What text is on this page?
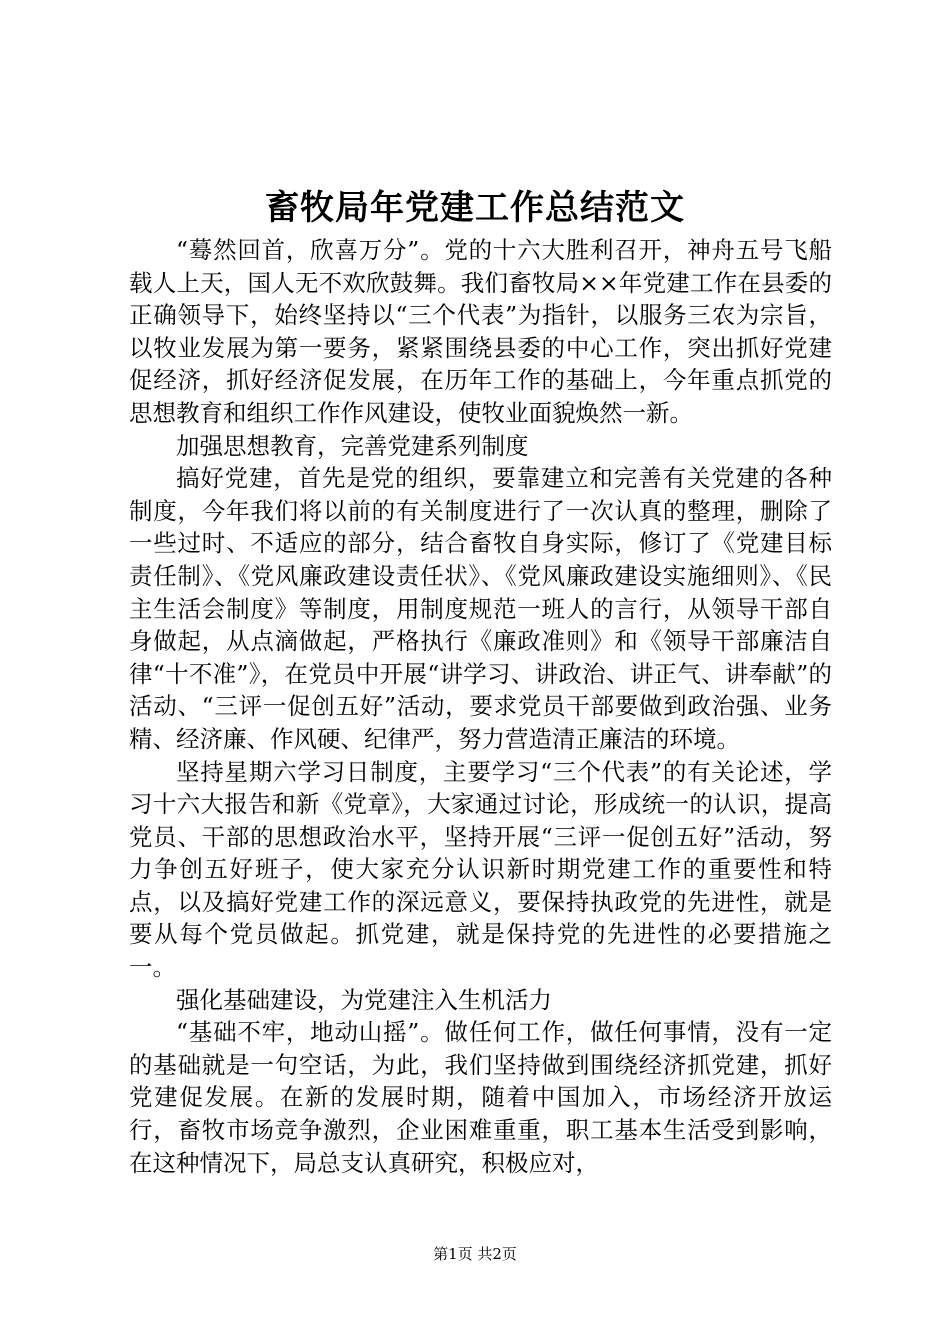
畜牧局年党建工作总结范文

“蓦然回首，欣喜万分”。党的十六大胜利召开，神舟五号飞船载人上天，国人无不欢欣鼓舞。我们畜牧局××年党建工作在县委的正确领导下，始终坚持以“三个代表”为指针，以服务三农为宗旨，以牧业发展为第一要务，紧紧围绕县委的中心工作，突出抓好党建促经济，抓好经济促发展，在历年工作的基础上，今年重点抓党的思想教育和组织工作作风建设，使牧业面貌焕然一新。

加强思想教育，完善党建系列制度

搞好党建，首先是党的组织，要靠建立和完善有关党建的各种制度，今年我们将以前的有关制度进行了一次认真的整理，删除了一些过时、不适应的部分，结合畜牧自身实际，修订了《党建目标责任制》、《党风廉政建设责任状》、《党风廉政建设实施细则》、《民主生活会制度》等制度，用制度规范一班人的言行，从领导干部自身做起，从点滴做起，严格执行《廉政准则》和《领导干部廉洁自律“十不准”》，在党员中开展“讲学习、讲政治、讲正气、讲奉献”的活动、“三评一促创五好”活动，要求党员干部要做到政治强、业务精、经济廉、作风硬、纪律严，努力营造清正廉洁的环境。

坚持星期六学习日制度，主要学习“三个代表”的有关论述，学习十六大报告和新《党章》，大家通过讨论，形成统一的认识，提高党员、干部的思想政治水平，坚持开展“三评一促创五好”活动，努力争创五好班子，使大家充分认识新时期党建工作的重要性和特点，以及搞好党建工作的深远意义，要保持执政党的先进性，就是要从每个党员做起。抓党建，就是保持党的先进性的必要措施之一。

强化基础建设，为党建注入生机活力

“基础不牢，地动山摇”。做任何工作，做任何事情，没有一定的基础就是一句空话，为此，我们坚持做到围绕经济抓党建，抓好党建促发展。在新的发展时期，随着中国加入，市场经济开放运行，畜牧市场竞争激烈，企业困难重重，职工基本生活受到影响，在这种情况下，局总支认真研究，积极应对，

第1页 共2页
